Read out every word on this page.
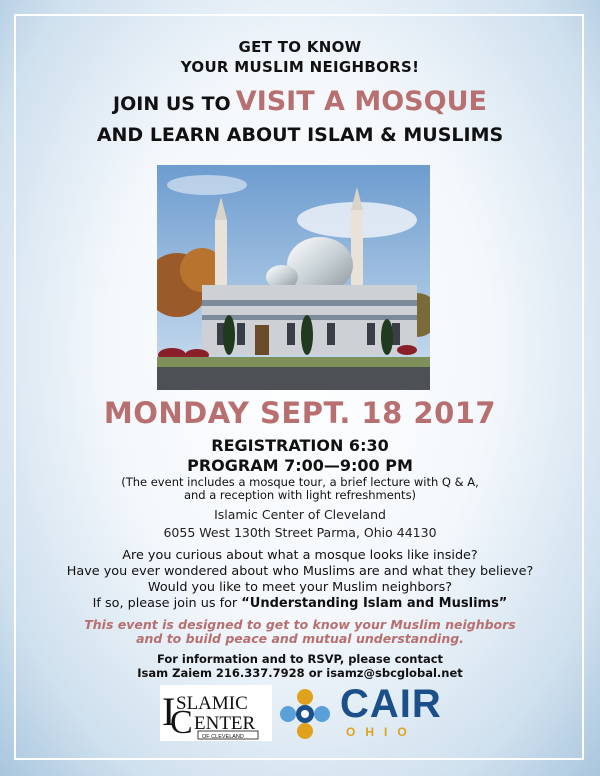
GET TO KNOW
YOUR MUSLIM NEIGHBORS!
JOIN US TO VISIT A MOSQUE
AND LEARN ABOUT ISLAM & MUSLIMS
MONDAY SEPT. 18 2017
REGISTRATION 6:30
PROGRAM 7:00—9:00 PM
(The event includes a mosque tour, a brief lecture with Q & A,
and a reception with light refreshments)
Islamic Center of Cleveland
6055 West 130th Street Parma, Ohio 44130
Are you curious about what a mosque looks like inside?
Have you ever wondered about who Muslims are and what they believe?
Would you like to meet your Muslim neighbors?
If so, please join us for “Understanding Islam and Muslims”
This event is designed to get to know your Muslim neighbors
and to build peace and mutual understanding.
For information and to RSVP, please contact
Isam Zaiem 216.337.7928 or isamz@sbcglobal.net
I SLAMIC
C ENTER
OF CLEVELAND
CAIR
OHIO
